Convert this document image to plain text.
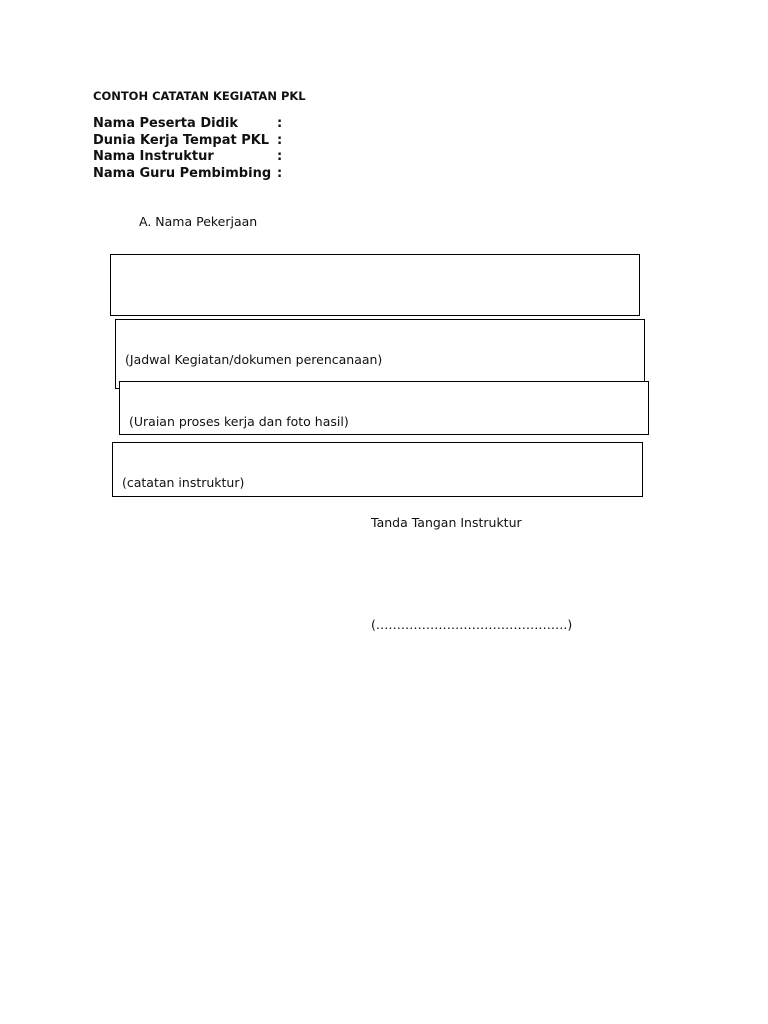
CONTOH CATATAN KEGIATAN PKL
Nama Peserta Didik	:
Dunia Kerja Tempat PKL :
Nama Instruktur	:
Nama Guru Pembimbing :
A. Nama Pekerjaan
(Jadwal Kegiatan/dokumen perencanaan)
(Uraian proses kerja dan foto hasil)
(catatan instruktur)
Tanda Tangan Instruktur
(……………………………………….)
